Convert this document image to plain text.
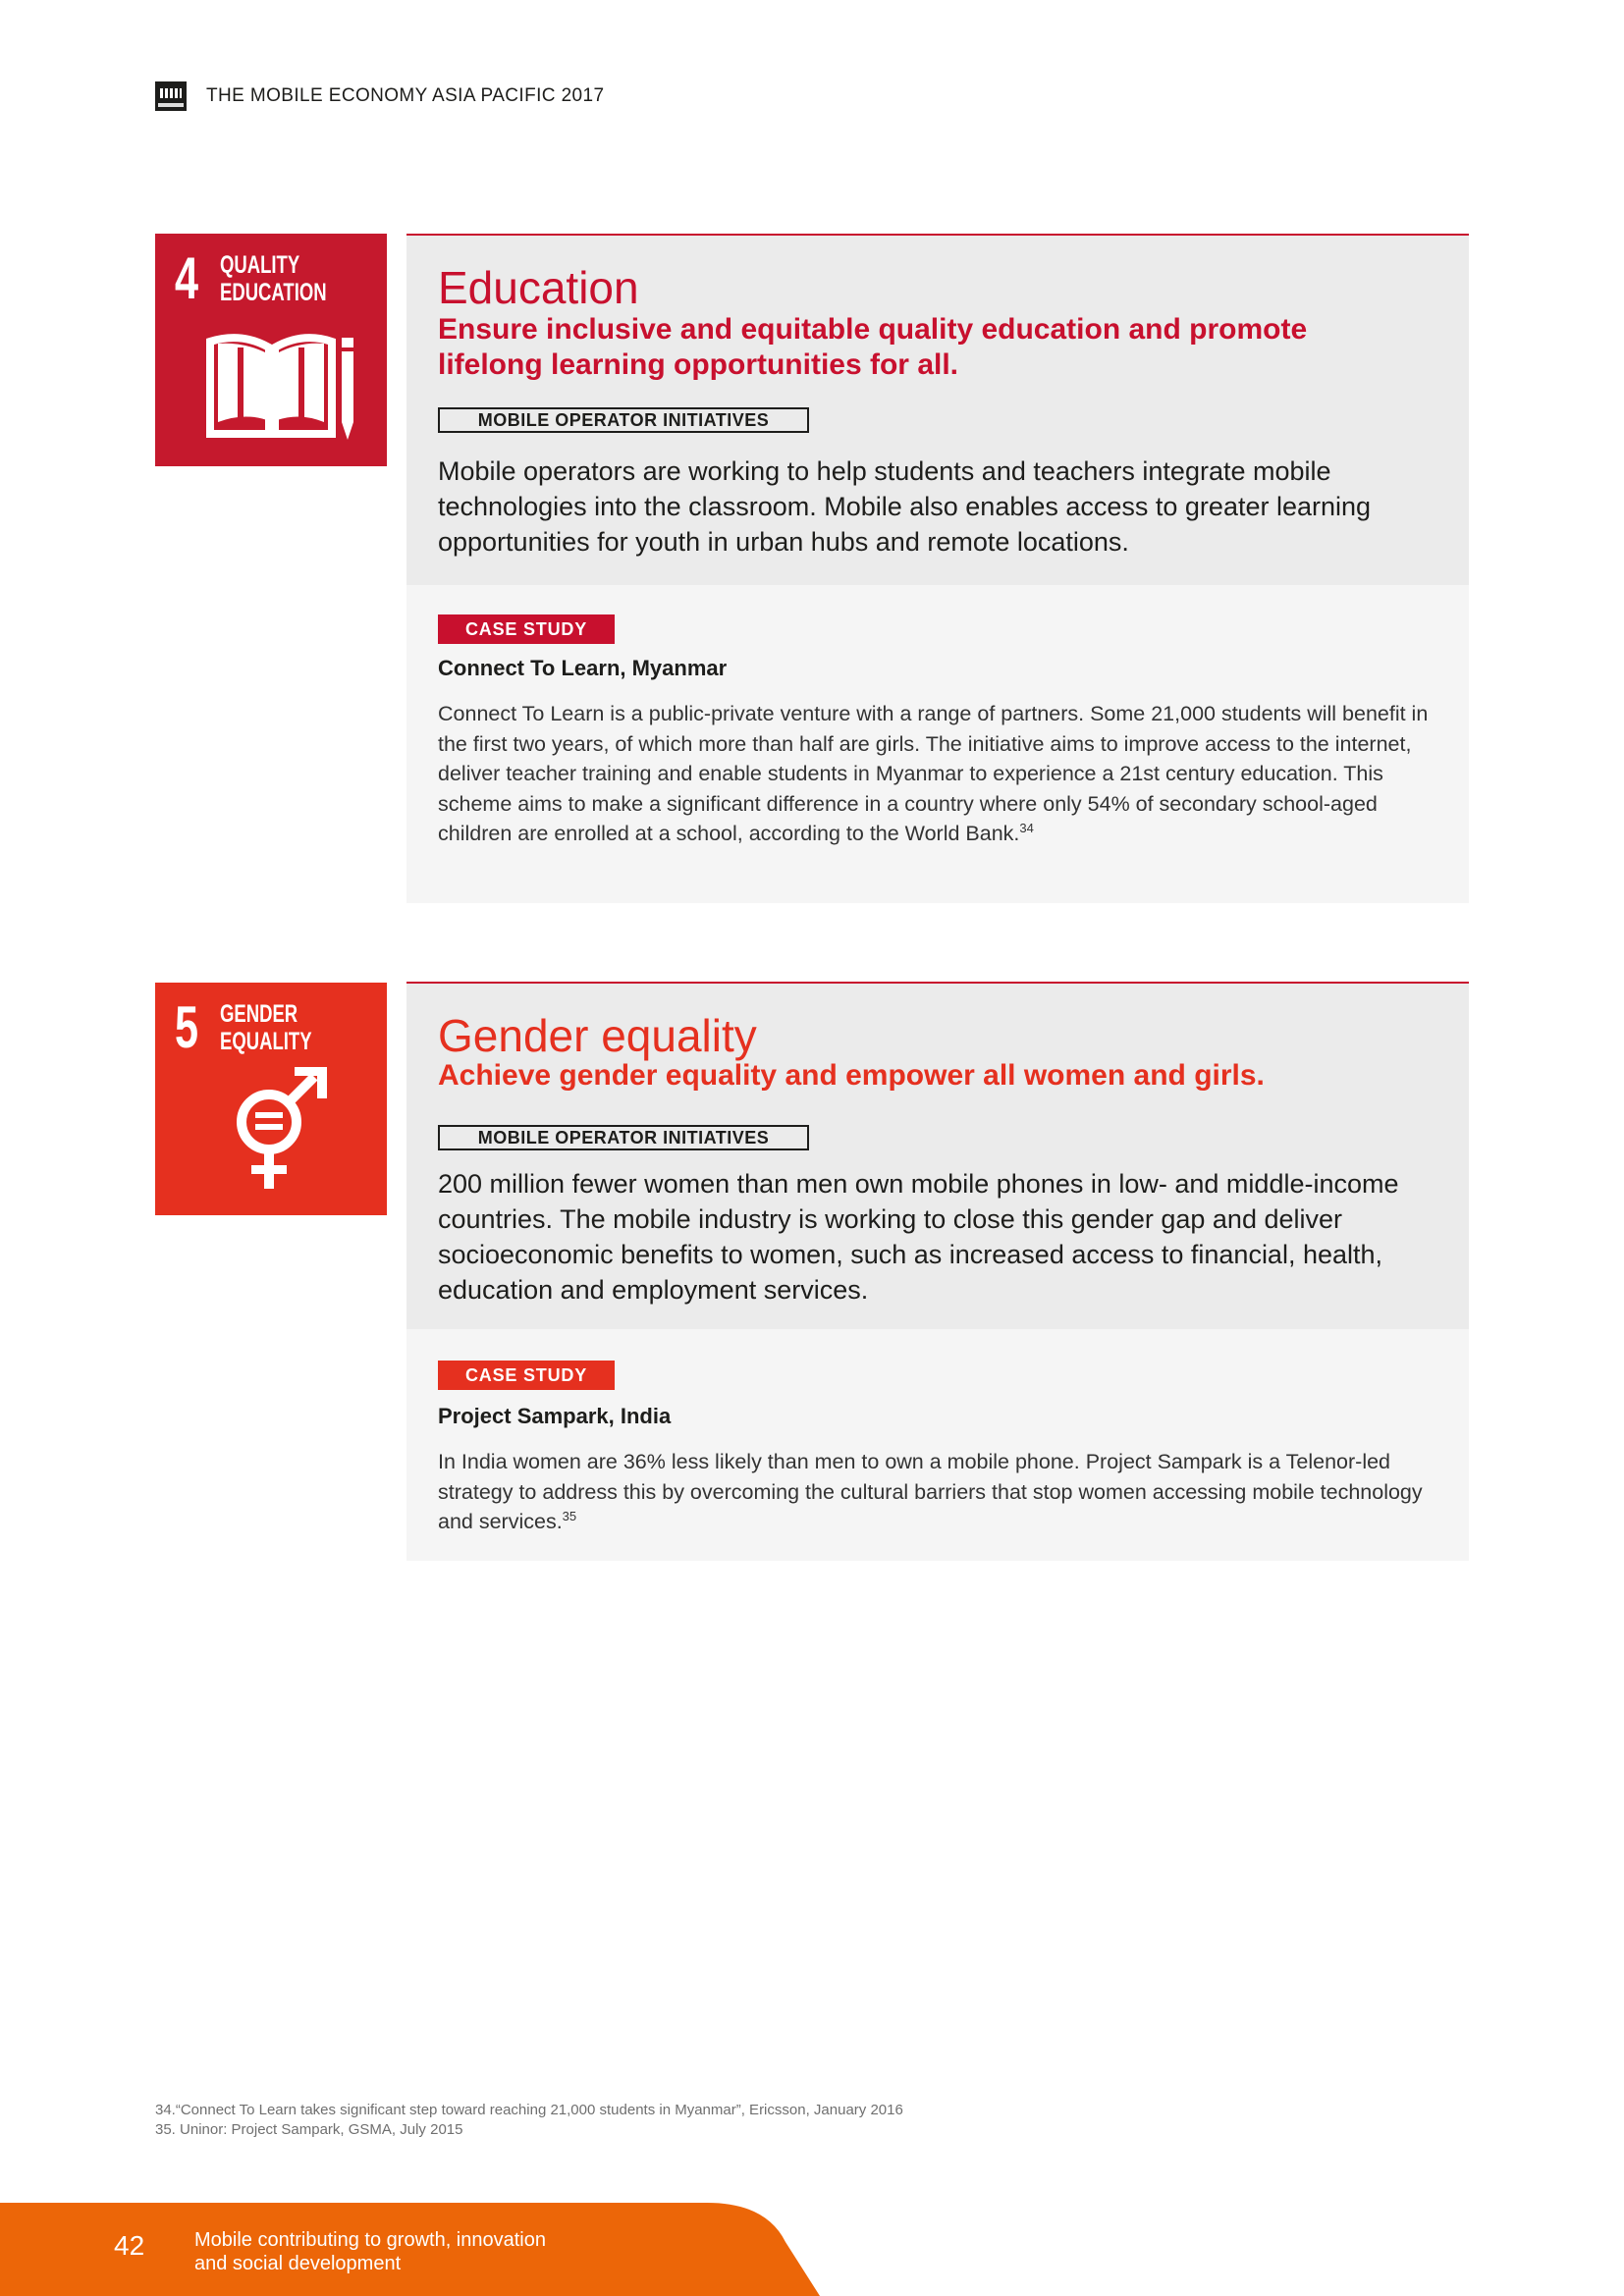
THE MOBILE ECONOMY ASIA PACIFIC 2017
4 QUALITY
EDUCATION Education
Ensure inclusive and equitable quality education and promote lifelong learning opportunities for all.
MOBILE OPERATOR INITIATIVES
Mobile operators are working to help students and teachers integrate mobile technologies into the classroom. Mobile also enables access to greater learning opportunities for youth in urban hubs and remote locations.
CASE STUDY
Connect To Learn, Myanmar
Connect To Learn is a public-private venture with a range of partners. Some 21,000 students will benefit in the first two years, of which more than half are girls. The initiative aims to improve access to the internet, deliver teacher training and enable students in Myanmar to experience a 21st century education. This scheme aims to make a significant difference in a country where only 54% of secondary school-aged children are enrolled at a school, according to the World Bank.$^{34}$
5 GENDER
EQUALITY	Gender equality
Achieve gender equality and empower all women and girls.
MOBILE OPERATOR INITIATIVES
200 million fewer women than men own mobile phones in low- and middle-income countries. The mobile industry is working to close this gender gap and deliver socioeconomic benefits to women, such as increased access to financial, health, education and employment services.
CASE STUDY
Project Sampark, India
In India women are 36% less likely than men to own a mobile phone. Project Sampark is a Telenor-led strategy to address this by overcoming the cultural barriers that stop women accessing mobile technology and services.$^{35}$
34.“Connect To Learn takes significant step toward reaching 21,000 students in Myanmar”, Ericsson, January 2016
35. Uninor: Project Sampark, GSMA, July 2015
42	Mobile contributing to growth, innovation
and social development
